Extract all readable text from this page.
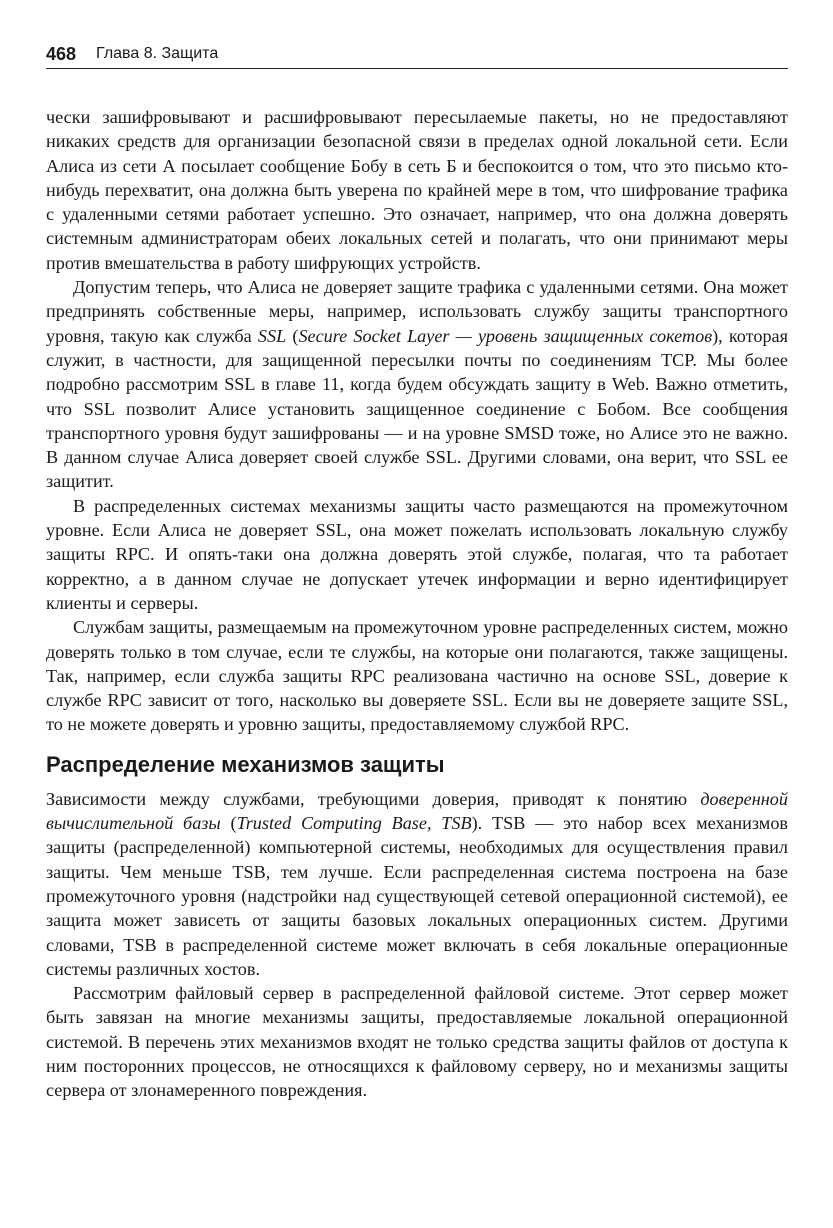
468 Глава 8. Защита

чески зашифровывают и расшифровывают пересылаемые пакеты, но не предоставляют никаких средств для организации безопасной связи в пределах одной локальной сети. Если Алиса из сети А посылает сообщение Бобу в сеть Б и беспокоится о том, что это письмо кто-нибудь перехватит, она должна быть уверена по крайней мере в том, что шифрование трафика с удаленными сетями работает успешно. Это означает, например, что она должна доверять системным администраторам обеих локальных сетей и полагать, что они принимают меры против вмешательства в работу шифрующих устройств.

Допустим теперь, что Алиса не доверяет защите трафика с удаленными сетями. Она может предпринять собственные меры, например, использовать службу защиты транспортного уровня, такую как служба SSL (Secure Socket Layer — уровень защищенных сокетов), которая служит, в частности, для защищенной пересылки почты по соединениям TCP. Мы более подробно рассмотрим SSL в главе 11, когда будем обсуждать защиту в Web. Важно отметить, что SSL позволит Алисе установить защищенное соединение с Бобом. Все сообщения транспортного уровня будут зашифрованы — и на уровне SMSD тоже, но Алисе это не важно. В данном случае Алиса доверяет своей службе SSL. Другими словами, она верит, что SSL ее защитит.

В распределенных системах механизмы защиты часто размещаются на промежуточном уровне. Если Алиса не доверяет SSL, она может пожелать использовать локальную службу защиты RPC. И опять-таки она должна доверять этой службе, полагая, что та работает корректно, а в данном случае не допускает утечек информации и верно идентифицирует клиенты и серверы.

Службам защиты, размещаемым на промежуточном уровне распределенных систем, можно доверять только в том случае, если те службы, на которые они полагаются, также защищены. Так, например, если служба защиты RPC реализована частично на основе SSL, доверие к службе RPC зависит от того, насколько вы доверяете SSL. Если вы не доверяете защите SSL, то не можете доверять и уровню защиты, предоставляемому службой RPC.

Распределение механизмов защиты

Зависимости между службами, требующими доверия, приводят к понятию доверенной вычислительной базы (Trusted Computing Base, TSB). TSB — это набор всех механизмов защиты (распределенной) компьютерной системы, необходимых для осуществления правил защиты. Чем меньше TSB, тем лучше. Если распределенная система построена на базе промежуточного уровня (надстройки над существующей сетевой операционной системой), ее защита может зависеть от защиты базовых локальных операционных систем. Другими словами, TSB в распределенной системе может включать в себя локальные операционные системы различных хостов.

Рассмотрим файловый сервер в распределенной файловой системе. Этот сервер может быть завязан на многие механизмы защиты, предоставляемые локальной операционной системой. В перечень этих механизмов входят не только средства защиты файлов от доступа к ним посторонних процессов, не относящихся к файловому серверу, но и механизмы защиты сервера от злонамеренного повреждения.
